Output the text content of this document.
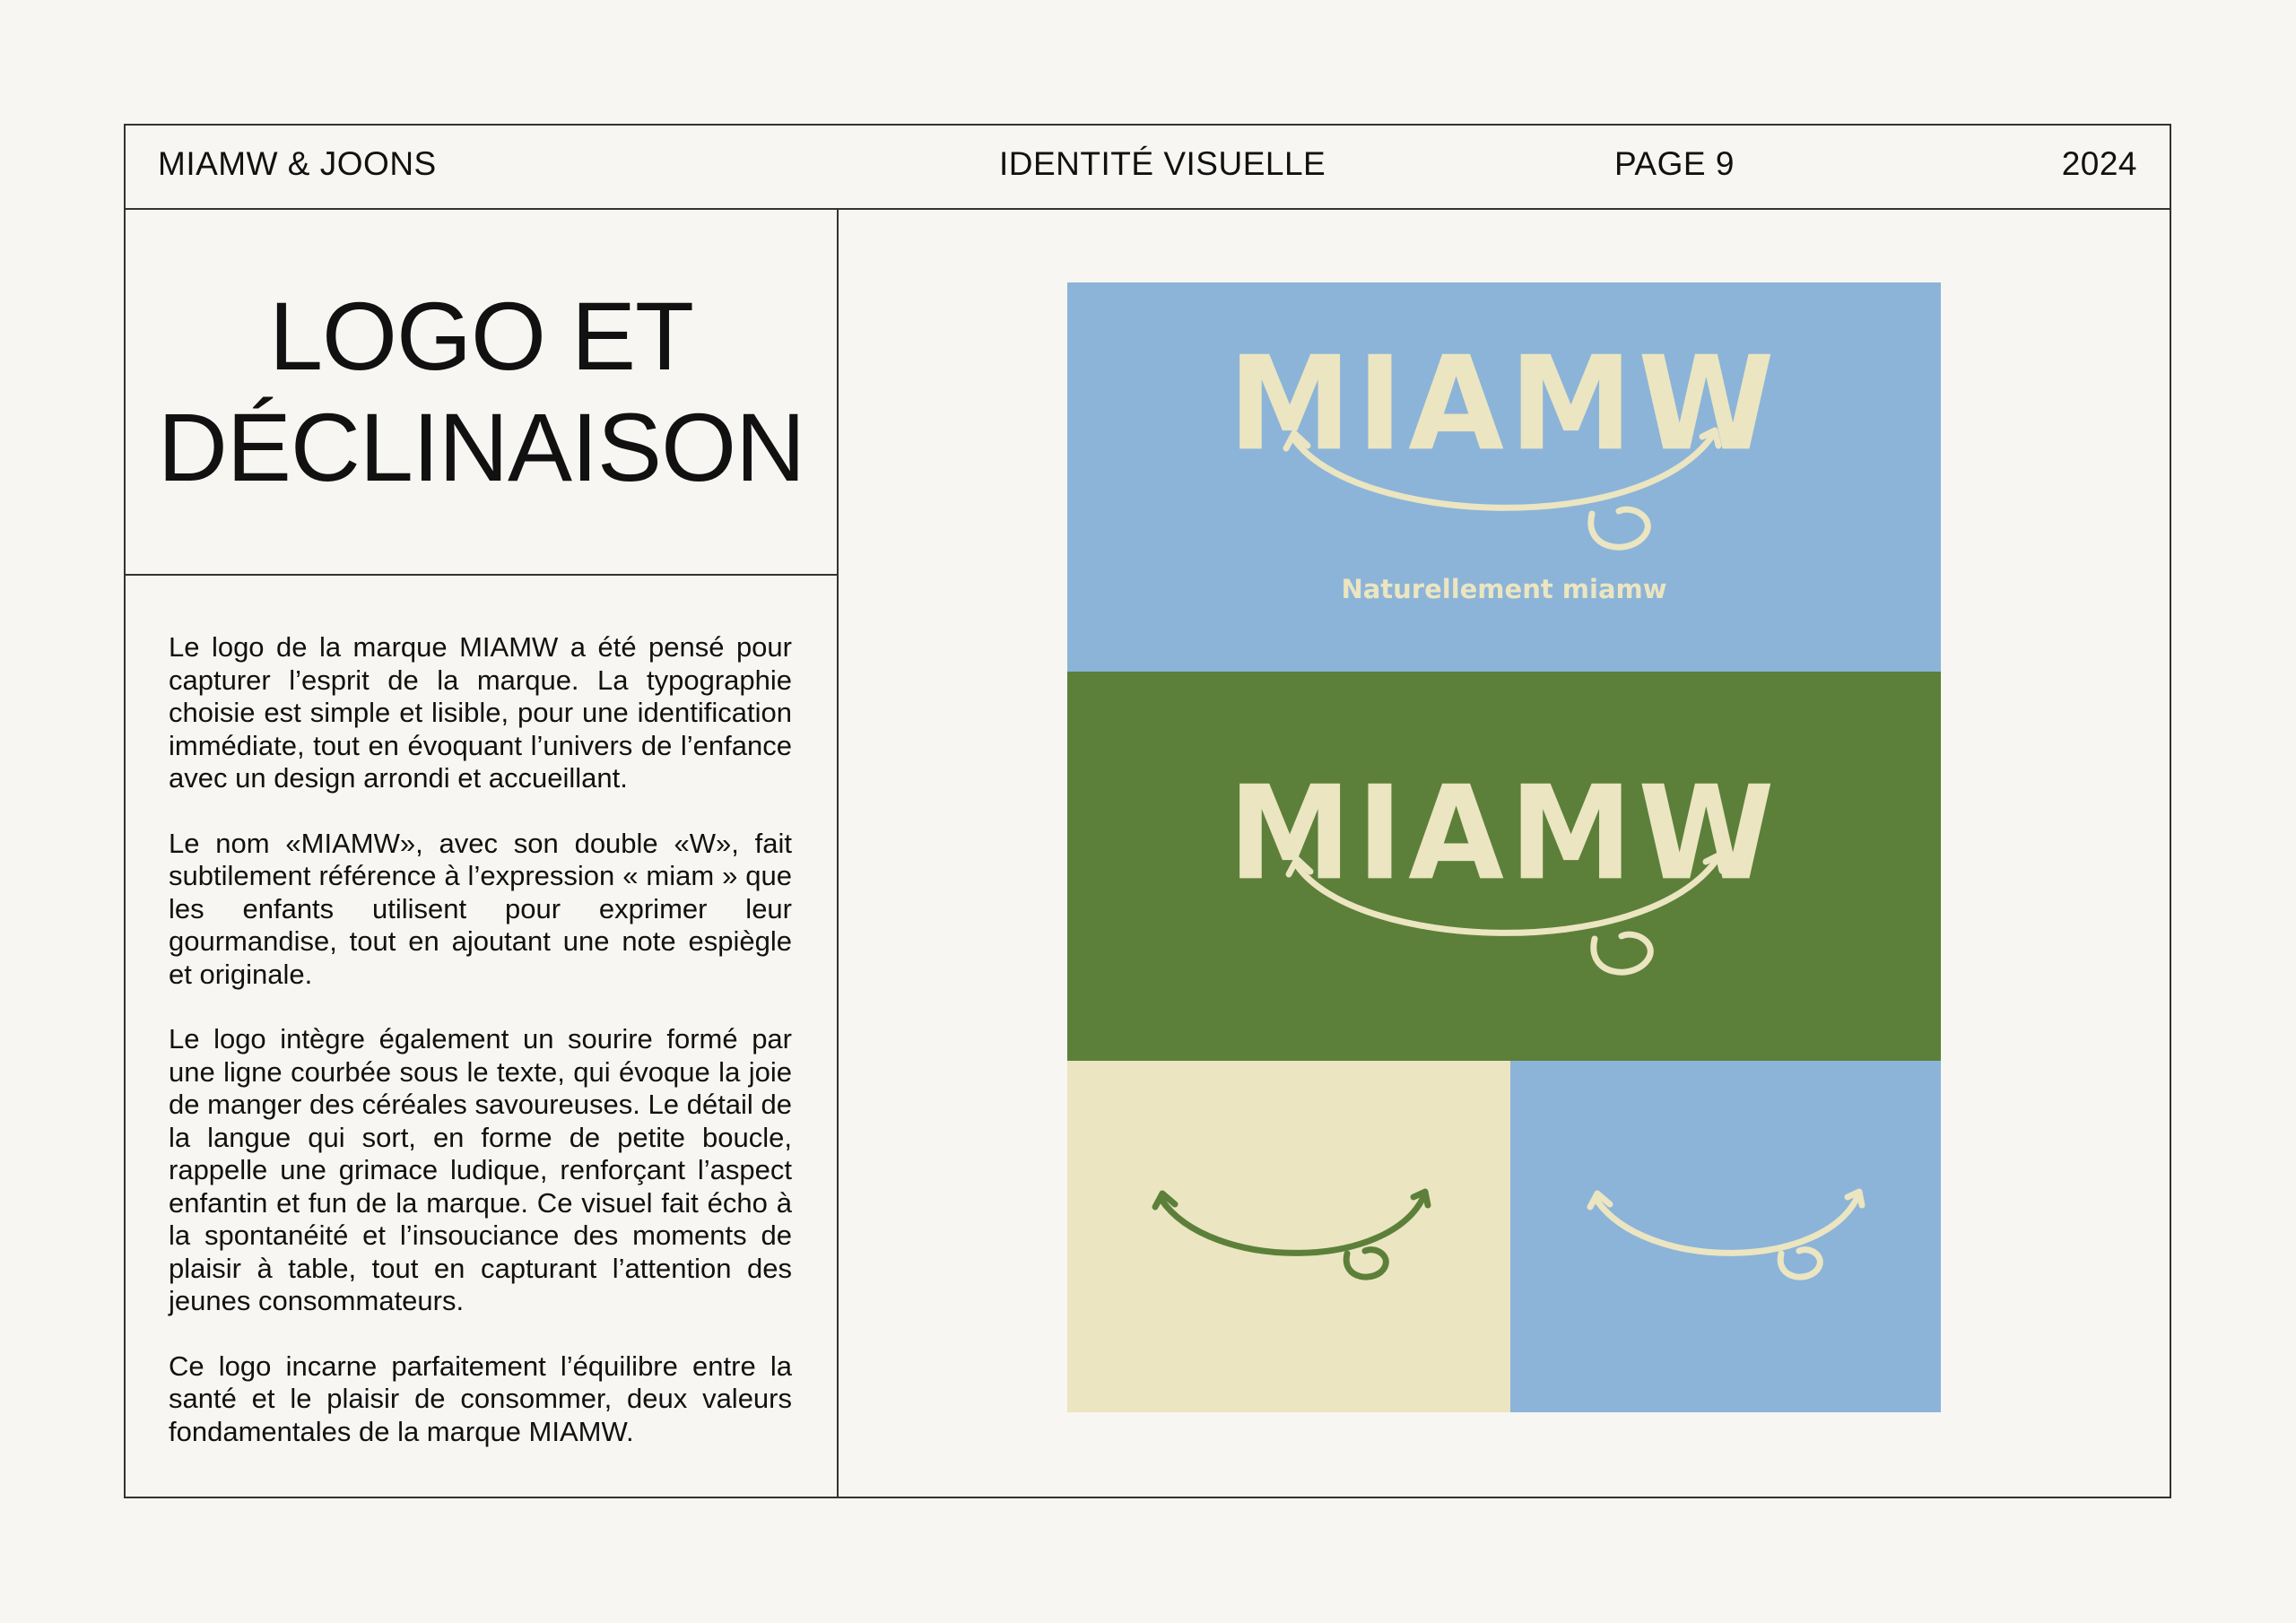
MIAMW & JOONS	IDENTITÉ VISUELLE	PAGE 9	2024
LOGO ET
DÉCLINAISON

Le logo de la marque MIAMW a été pensé pour capturer l’esprit de la marque. La typographie choisie est simple et lisible, pour une identification immédiate, tout en évoquant l’univers de l’enfance avec un design arrondi et accueillant.

Le nom «MIAMW», avec son double «W», fait subtilement référence à l’expression « miam » que les enfants utilisent pour exprimer leur gourmandise, tout en ajoutant une note espiègle et originale.

Le logo intègre également un sourire formé par une ligne courbée sous le texte, qui évoque la joie de manger des céréales savoureuses. Le détail de la langue qui sort, en forme de petite boucle, rappelle une grimace ludique, renforçant l’aspect enfantin et fun de la marque. Ce visuel fait écho à la spontanéité et l’insouciance des moments de plaisir à table, tout en capturant l’attention des jeunes consommateurs.

Ce logo incarne parfaitement l’équilibre entre la santé et le plaisir de consommer, deux valeurs fondamentales de la marque MIAMW.

MIAMW
Naturellement miamw
MIAMW
